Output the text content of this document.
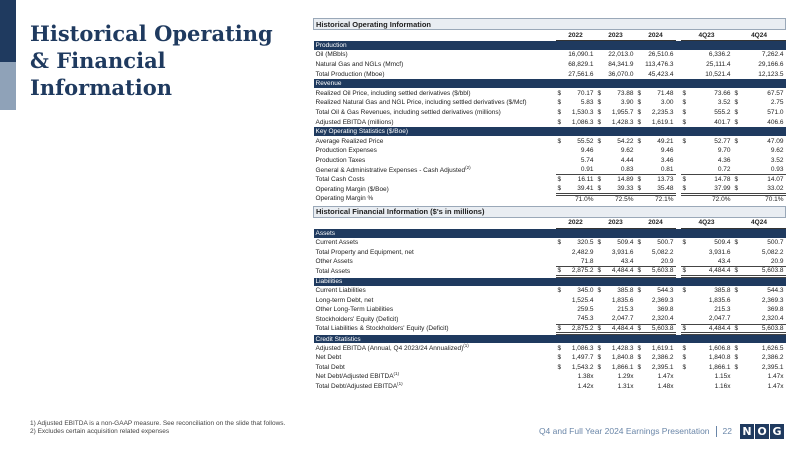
Historical Operating & Financial Information
Historical Operating Information						
	2022	2023	2024		4Q23	4Q24
Production						
Oil (MBbls)	16,090.1	22,013.0	26,510.6		6,336.2	7,262.4
Natural Gas and NGLs (Mmcf)	68,829.1	84,341.9	113,476.3		25,111.4	29,166.6
Total Production (Mboe)	27,561.6	36,070.0	45,423.4		10,521.4	12,123.5
Revenue						
Realized Oil Price, including settled derivatives ($/bbl)	$ 70.17	$ 73.88	$ 71.48		$ 73.66	$ 67.57
Realized Natural Gas and NGL Price, including settled derivatives ($/Mcf)	$ 5.83	$ 3.90	$ 3.00		$ 3.52	$ 2.75
Total Oil & Gas Revenues, including settled derivatives (millions)	$ 1,530.3	$ 1,955.7	$ 2,235.3		$ 555.2	$ 571.0
Adjusted EBITDA (millions)	$ 1,086.3	$ 1,428.3	$ 1,619.1		$ 401.7	$ 406.6
Key Operating Statistics ($/Boe)						
Average Realized Price	$ 55.52	$ 54.22	$ 49.21		$ 52.77	$ 47.09
Production Expenses	9.46	9.62	9.46		9.70	9.62
Production Taxes	5.74	4.44	3.46		4.36	3.52
General & Administrative Expenses - Cash Adjusted$^{(2)}$	0.91	0.83	0.81		0.72	0.93
Total Cash Costs	$ 16.11	$ 14.89	$ 13.73		$ 14.78	$ 14.07
Operating Margin ($/Boe)	$ 39.41	$ 39.33	$ 35.48		$ 37.99	$ 33.02
Operating Margin %	71.0%	72.5%	72.1%		72.0%	70.1%
Historical Financial Information ($'s in millions)						
	2022	2023	2024		4Q23	4Q24
Assets						
Current Assets	$ 320.5	$ 509.4	$ 500.7		$ 509.4	$ 500.7
Total Property and Equipment, net	2,482.9	3,931.6	5,082.2		3,931.6	5,082.2
Other Assets	71.8	43.4	20.9		43.4	20.9
Total Assets	$ 2,875.2	$ 4,484.4	$ 5,603.8		$ 4,484.4	$ 5,603.8
Liabilities						
Current Liabilities	$ 345.0	$ 385.8	$ 544.3		$ 385.8	$ 544.3
Long-term Debt, net	1,525.4	1,835.6	2,369.3		1,835.6	2,369.3
Other Long-Term Liabilities	259.5	215.3	369.8		215.3	369.8
Stockholders' Equity (Deficit)	745.3	2,047.7	2,320.4		2,047.7	2,320.4
Total Liabilities & Stockholders' Equity (Deficit)	$ 2,875.2	$ 4,484.4	$ 5,603.8		$ 4,484.4	$ 5,603.8
Credit Statistics						
Adjusted EBITDA (Annual, Q4 2023/24 Annualized)$^{(1)}$	$ 1,086.3	$ 1,428.3	$ 1,619.1		$ 1,606.8	$ 1,626.5
Net Debt	$ 1,497.7	$ 1,840.8	$ 2,386.2		$ 1,840.8	$ 2,386.2
Total Debt	$ 1,543.2	$ 1,866.1	$ 2,395.1		$ 1,866.1	$ 2,395.1
Net Debt/Adjusted EBITDA$^{(1)}$	1.38x	1.29x	1.47x		1.15x	1.47x
Total Debt/Adjusted EBITDA$^{(1)}$	1.42x	1.31x	1.48x		1.16x	1.47x
1) Adjusted EBITDA is a non-GAAP measure. See reconciliation on the slide that follows.
2) Excludes certain acquisition related expenses	Q4 and Full Year 2024 Earnings Presentation 22 N O G
